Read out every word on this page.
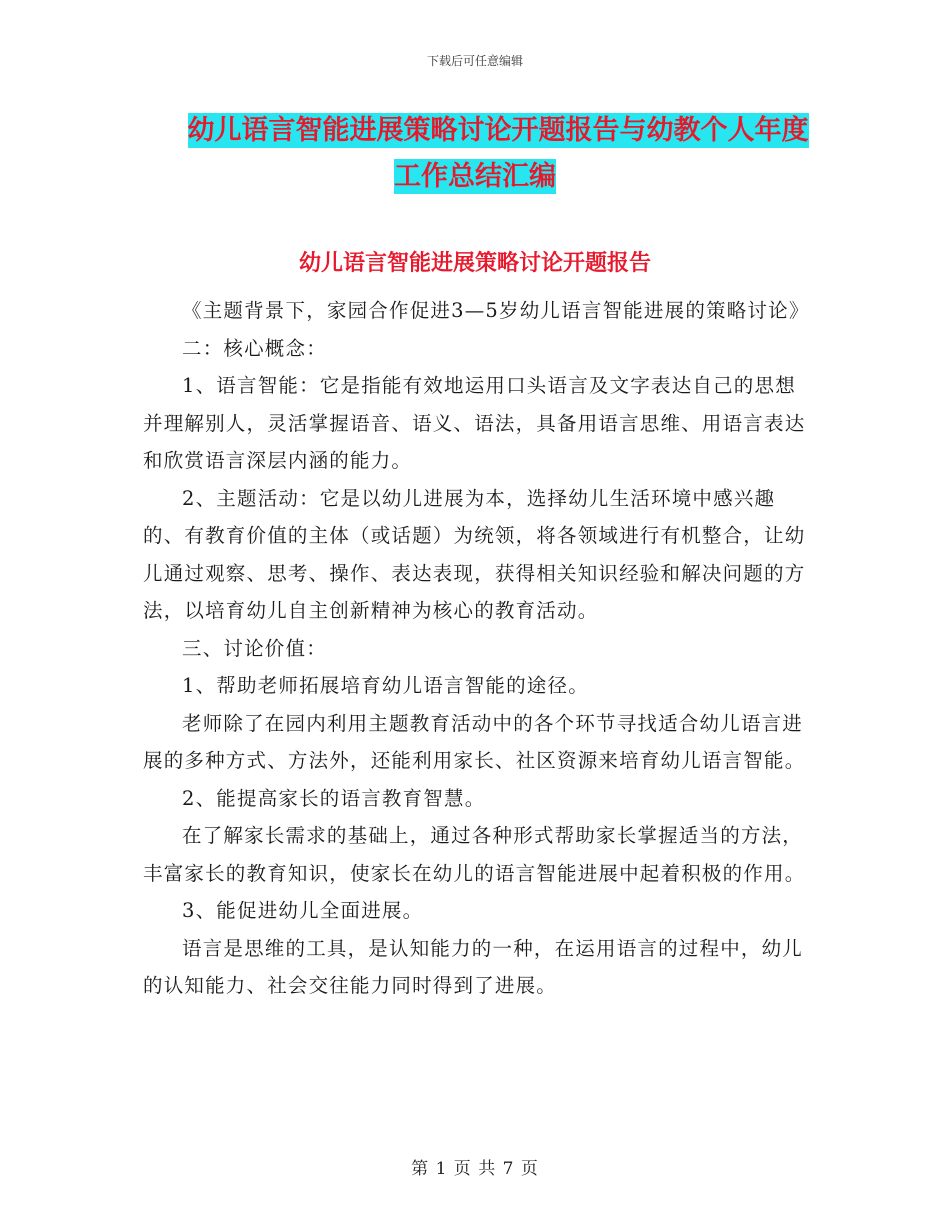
下载后可任意编辑
幼儿语言智能进展策略讨论开题报告与幼教个人年度
工作总结汇编
幼儿语言智能进展策略讨论开题报告

《主题背景下，家园合作促进3—5岁幼儿语言智能进展的策略讨论》

二：核心概念：

1、语言智能：它是指能有效地运用口头语言及文字表达自己的思想并理解别人，灵活掌握语音、语义、语法，具备用语言思维、用语言表达和欣赏语言深层内涵的能力。

2、主题活动：它是以幼儿进展为本，选择幼儿生活环境中感兴趣的、有教育价值的主体（或话题）为统领，将各领域进行有机整合，让幼儿通过观察、思考、操作、表达表现，获得相关知识经验和解决问题的方法，以培育幼儿自主创新精神为核心的教育活动。

三、讨论价值：

1、帮助老师拓展培育幼儿语言智能的途径。

老师除了在园内利用主题教育活动中的各个环节寻找适合幼儿语言进展的多种方式、方法外，还能利用家长、社区资源来培育幼儿语言智能。

2、能提高家长的语言教育智慧。

在了解家长需求的基础上，通过各种形式帮助家长掌握适当的方法，丰富家长的教育知识，使家长在幼儿的语言智能进展中起着积极的作用。

3、能促进幼儿全面进展。

语言是思维的工具，是认知能力的一种，在运用语言的过程中，幼儿的认知能力、社会交往能力同时得到了进展。

第 1 页 共 7 页
